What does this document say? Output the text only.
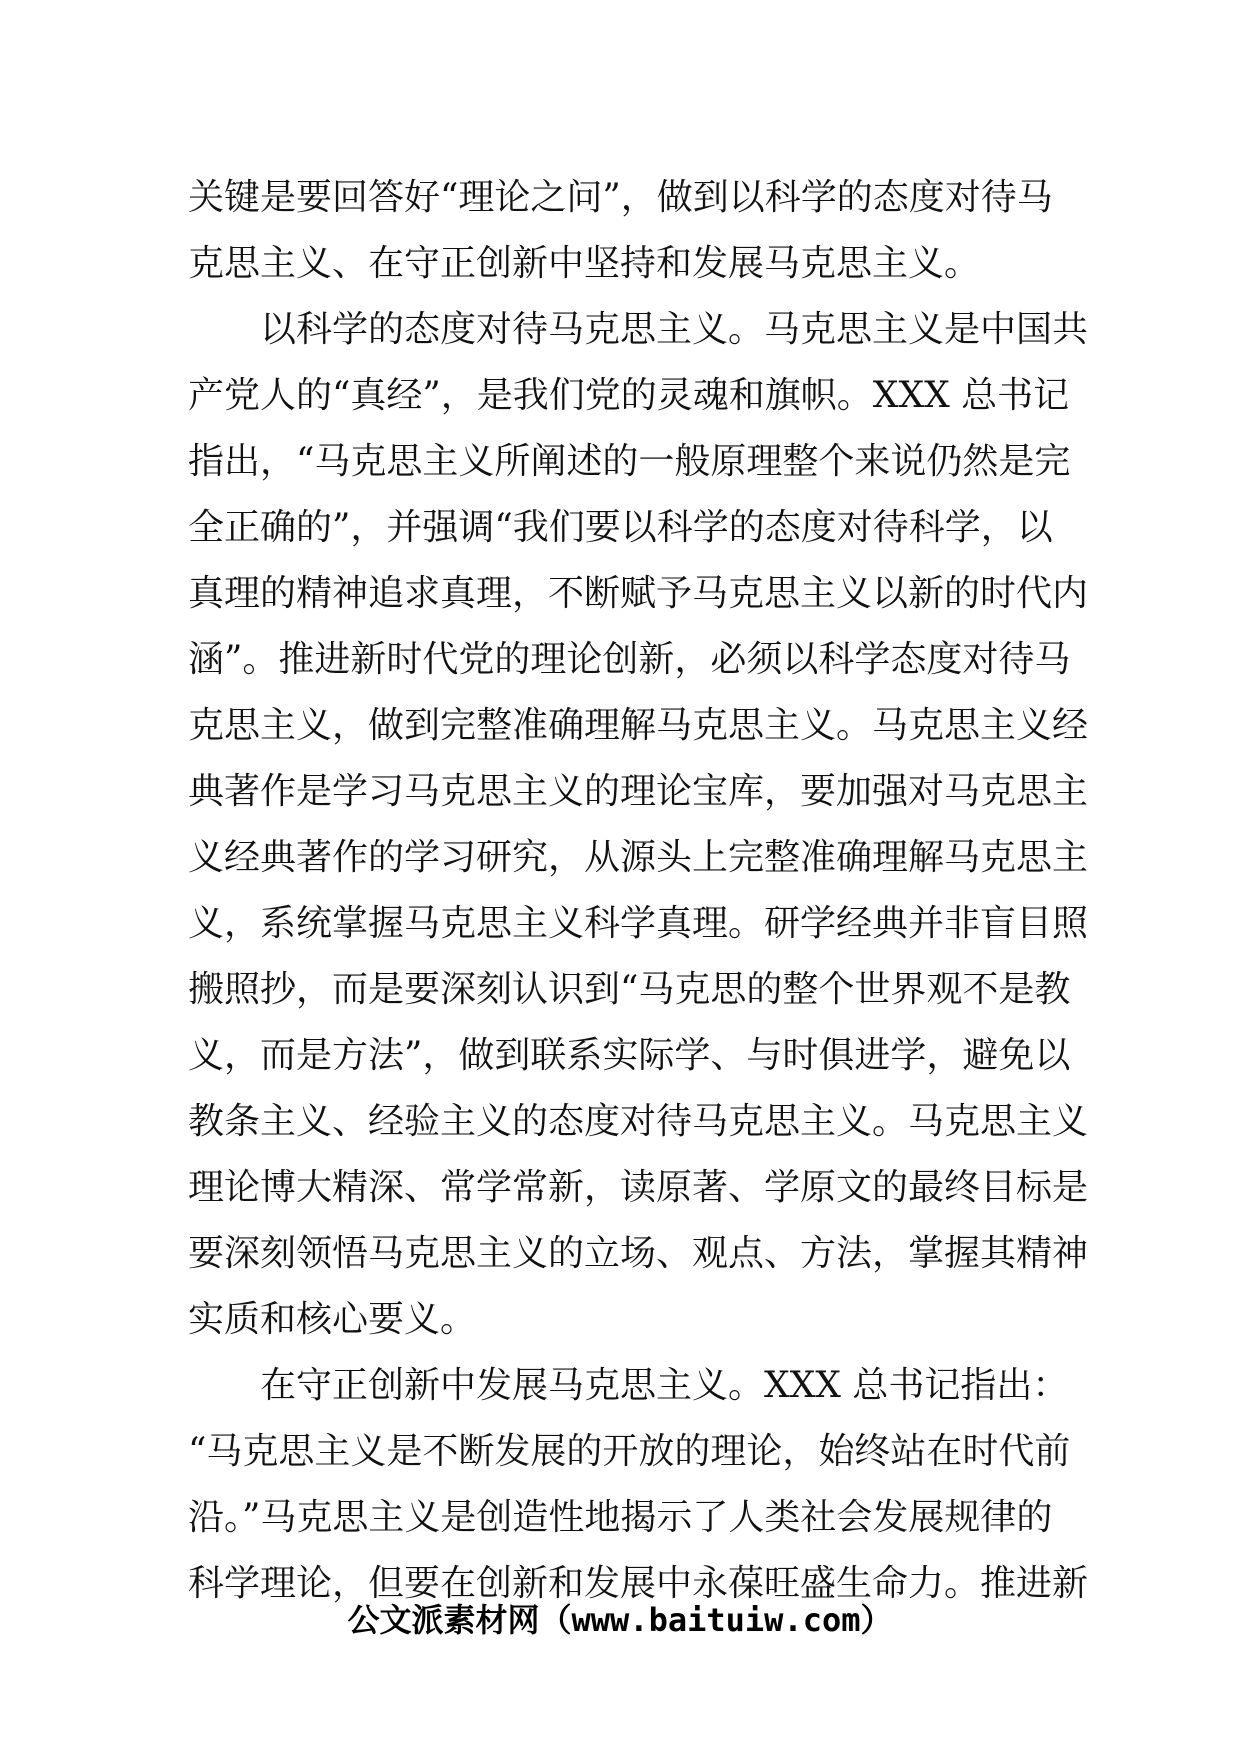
关键是要回答好“理论之问”，做到以科学的态度对待马
克思主义、在守正创新中坚持和发展马克思主义。
以科学的态度对待马克思主义。马克思主义是中国共
产党人的“真经”，是我们党的灵魂和旗帜。XXX 总书记
指出，“马克思主义所阐述的一般原理整个来说仍然是完
全正确的”，并强调“我们要以科学的态度对待科学，以
真理的精神追求真理，不断赋予马克思主义以新的时代内
涵”。推进新时代党的理论创新，必须以科学态度对待马
克思主义，做到完整准确理解马克思主义。马克思主义经
典著作是学习马克思主义的理论宝库，要加强对马克思主
义经典著作的学习研究，从源头上完整准确理解马克思主
义，系统掌握马克思主义科学真理。研学经典并非盲目照
搬照抄，而是要深刻认识到“马克思的整个世界观不是教
义，而是方法”，做到联系实际学、与时俱进学，避免以
教条主义、经验主义的态度对待马克思主义。马克思主义
理论博大精深、常学常新，读原著、学原文的最终目标是
要深刻领悟马克思主义的立场、观点、方法，掌握其精神
实质和核心要义。
在守正创新中发展马克思主义。XXX 总书记指出：
“马克思主义是不断发展的开放的理论，始终站在时代前
沿。”马克思主义是创造性地揭示了人类社会发展规律的
科学理论，但要在创新和发展中永葆旺盛生命力。推进新
公文派素材网（www.baituiw.com）
